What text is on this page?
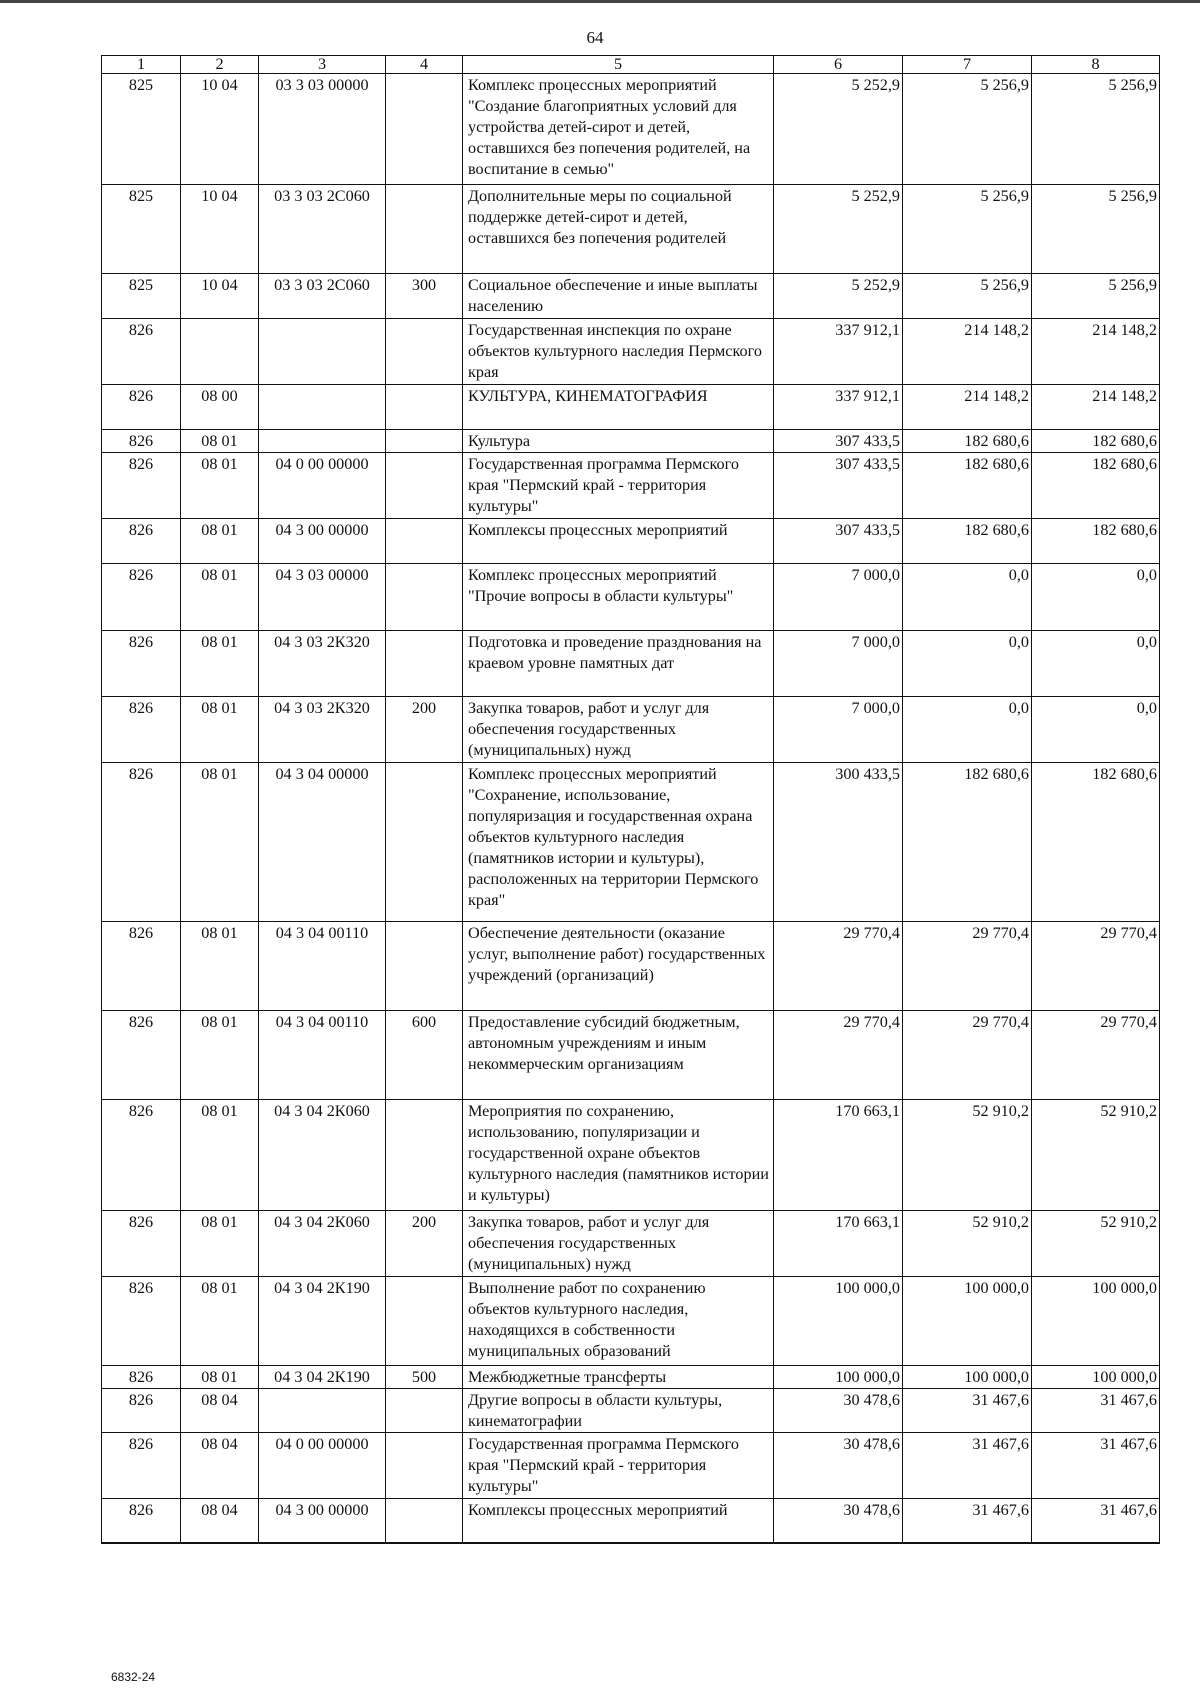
64
1	2	3	4	5	6	7	8
825	10 04	03 3 03 00000		Комплекс процессных мероприятий "Создание благоприятных условий для устройства детей-сирот и детей, оставшихся без попечения родителей, на воспитание в семью"	5 252,9	5 256,9	5 256,9
825	10 04	03 3 03 2С060		Дополнительные меры по социальной поддержке детей-сирот и детей, оставшихся без попечения родителей	5 252,9	5 256,9	5 256,9
825	10 04	03 3 03 2С060	300	Социальное обеспечение и иные выплаты населению	5 252,9	5 256,9	5 256,9
826				Государственная инспекция по охране объектов культурного наследия Пермского края	337 912,1	214 148,2	214 148,2
826	08 00			КУЛЬТУРА, КИНЕМАТОГРАФИЯ	337 912,1	214 148,2	214 148,2
826	08 01			Культура	307 433,5	182 680,6	182 680,6
826	08 01	04 0 00 00000		Государственная программа Пермского края "Пермский край - территория культуры"	307 433,5	182 680,6	182 680,6
826	08 01	04 3 00 00000		Комплексы процессных мероприятий	307 433,5	182 680,6	182 680,6
826	08 01	04 3 03 00000		Комплекс процессных мероприятий "Прочие вопросы в области культуры"	7 000,0	0,0	0,0
826	08 01	04 3 03 2К320		Подготовка и проведение празднования на краевом уровне памятных дат	7 000,0	0,0	0,0
826	08 01	04 3 03 2К320	200	Закупка товаров, работ и услуг для обеспечения государственных (муниципальных) нужд	7 000,0	0,0	0,0
826	08 01	04 3 04 00000		Комплекс процессных мероприятий "Сохранение, использование, популяризация и государственная охрана объектов культурного наследия (памятников истории и культуры), расположенных на территории Пермского края"	300 433,5	182 680,6	182 680,6
826	08 01	04 3 04 00110		Обеспечение деятельности (оказание услуг, выполнение работ) государственных учреждений (организаций)	29 770,4	29 770,4	29 770,4
826	08 01	04 3 04 00110	600	Предоставление субсидий бюджетным, автономным учреждениям и иным некоммерческим организациям	29 770,4	29 770,4	29 770,4
826	08 01	04 3 04 2К060		Мероприятия по сохранению, использованию, популяризации и государственной охране объектов культурного наследия (памятников истории и культуры)	170 663,1	52 910,2	52 910,2
826	08 01	04 3 04 2К060	200	Закупка товаров, работ и услуг для обеспечения государственных (муниципальных) нужд	170 663,1	52 910,2	52 910,2
826	08 01	04 3 04 2К190		Выполнение работ по сохранению объектов культурного наследия, находящихся в собственности муниципальных образований	100 000,0	100 000,0	100 000,0
826	08 01	04 3 04 2К190	500	Межбюджетные трансферты	100 000,0	100 000,0	100 000,0
826	08 04			Другие вопросы в области культуры, кинематографии	30 478,6	31 467,6	31 467,6
826	08 04	04 0 00 00000		Государственная программа Пермского края "Пермский край - территория культуры"	30 478,6	31 467,6	31 467,6
826	08 04	04 3 00 00000		Комплексы процессных мероприятий	30 478,6	31 467,6	31 467,6
6832-24
